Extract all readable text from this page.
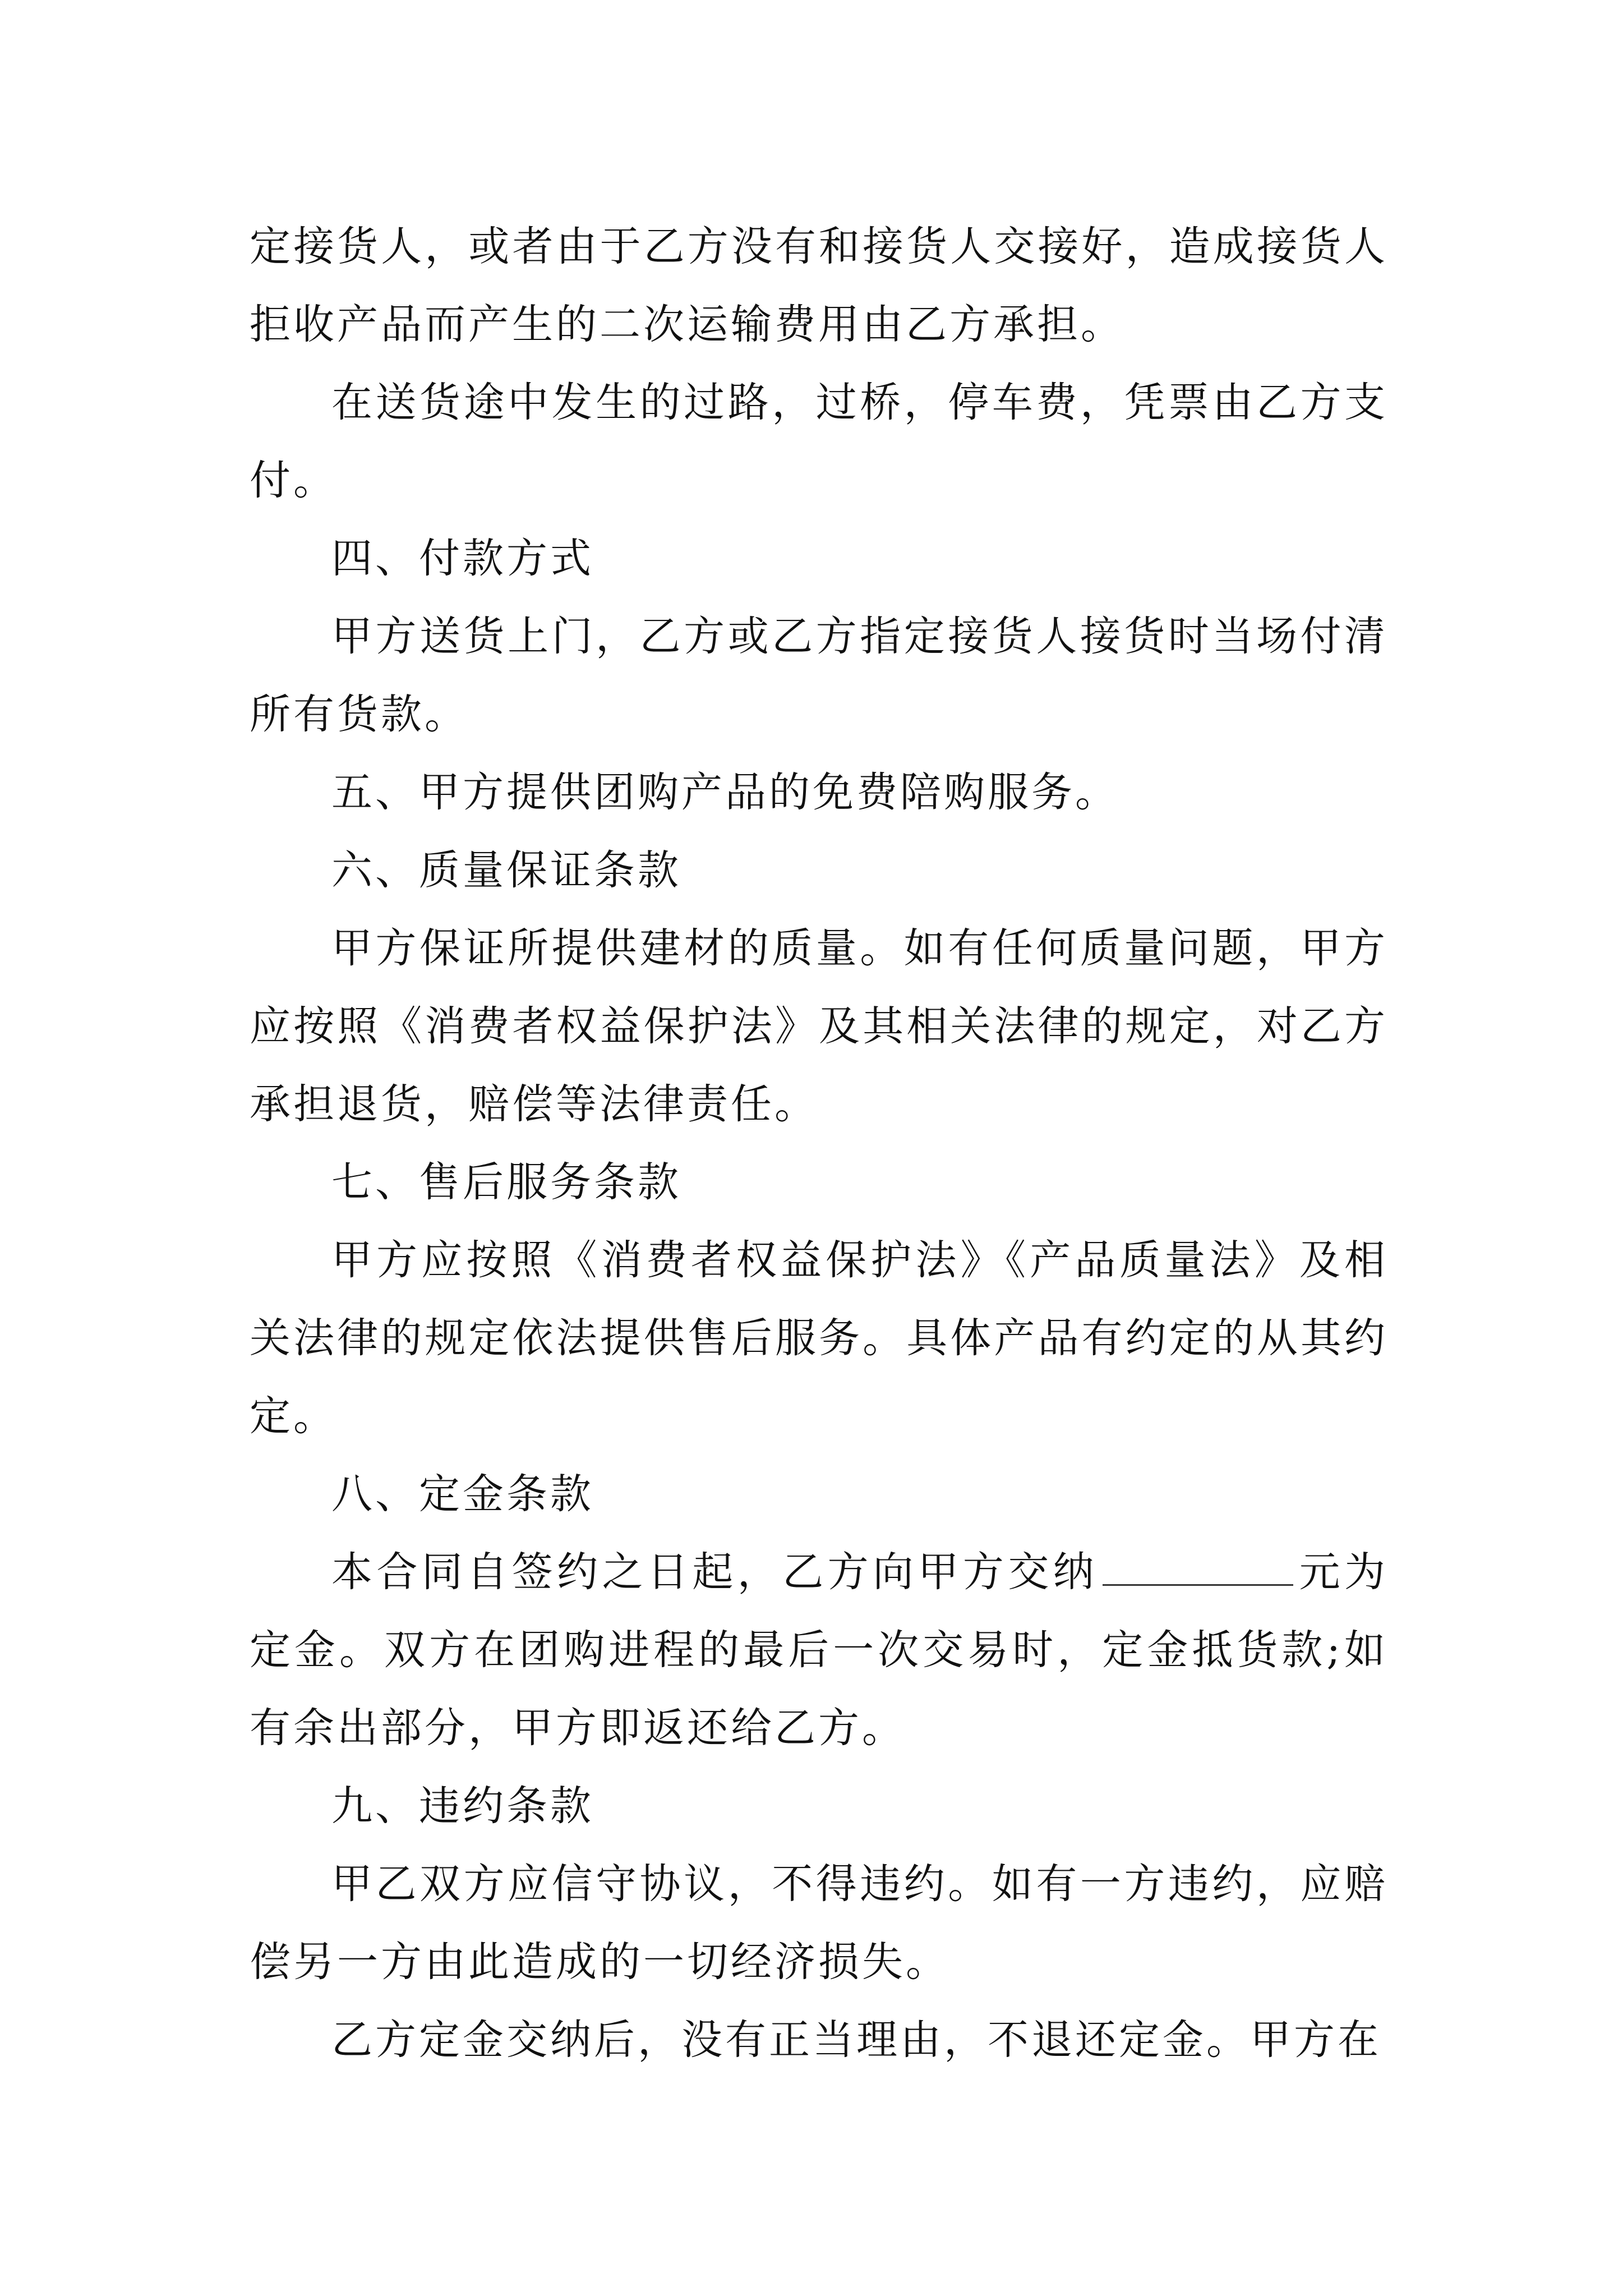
定接货人，或者由于乙方没有和接货人交接好，造成接货人拒收产品而产生的二次运输费用由乙方承担。

在送货途中发生的过路，过桥，停车费，凭票由乙方支付。

四、付款方式

甲方送货上门，乙方或乙方指定接货人接货时当场付清所有货款。

五、甲方提供团购产品的免费陪购服务。

六、质量保证条款

甲方保证所提供建材的质量。如有任何质量问题，甲方应按照《消费者权益保护法》及其相关法律的规定，对乙方承担退货，赔偿等法律责任。

七、售后服务条款

甲方应按照《消费者权益保护法》《产品质量法》及相关法律的规定依法提供售后服务。具体产品有约定的从其约定。

八、定金条款

本合同自签约之日起，乙方向甲方交纳	元为定金。双方在团购进程的最后一次交易时，定金抵货款;如有余出部分，甲方即返还给乙方。

九、违约条款

甲乙双方应信守协议，不得违约。如有一方违约，应赔偿另一方由此造成的一切经济损失。

乙方定金交纳后，没有正当理由，不退还定金。甲方在
